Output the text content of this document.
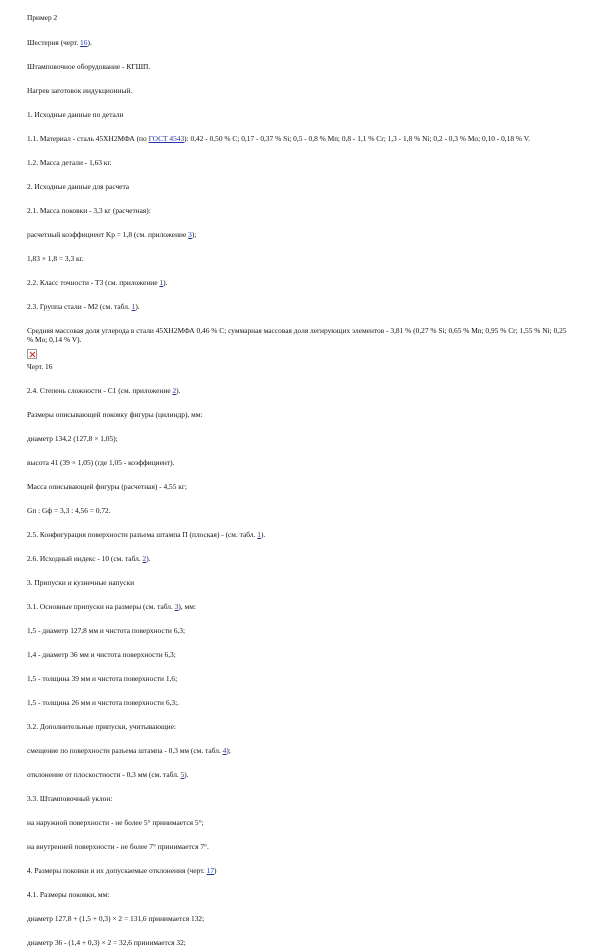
Пример 2

Шестерня (черт. 16).

Штамповочное оборудование - КГШП.

Нагрев заготовок индукционный.

1. Исходные данные по детали

1.1. Материал - сталь 45ХН2МФА (по ГОСТ 4543): 0,42 - 0,50 % С; 0,17 - 0,37 % Si; 0,5 - 0,8 % Mn; 0,8 - 1,1 % Cr; 1,3 - 1,8 % Ni; 0,2 - 0,3 % Mo; 0,10 - 0,18 % V.

1.2. Масса детали - 1,63 кг.

2. Исходные данные для расчета

2.1. Масса поковки - 3,3 кг (расчетная):

расчетный коэффициент Kр = 1,8 (см. приложение 3);

1,83 × 1,8 = 3,3 кг.

2.2. Класс точности - Т3 (см. приложение 1).

2.3. Группа стали - М2 (см. табл. 1).

Средняя массовая доля углерода в стали 45ХН2МФА 0,46 % С; суммарная массовая доля легирующих элементов - 3,81 % (0,27 % Si; 0,65 % Mn; 0,95 % Cr; 1,55 % Ni; 0,25 % Mo; 0,14 % V).

Черт. 16

2.4. Степень сложности - С1 (см. приложение 2).

Размеры описывающей поковку фигуры (цилиндр), мм:

диаметр 134,2 (127,8 × 1,05);

высота 41 (39 × 1,05) (где 1,05 - коэффициент).

Масса описывающей фигуры (расчетная) - 4,55 кг;

Gп : Gф = 3,3 : 4,56 = 0,72.

2.5. Конфигурация поверхности разъема штампа П (плоская) - (см. табл. 1).

2.6. Исходный индекс - 10 (см. табл. 2).

3. Припуски и кузнечные напуски

3.1. Основные припуски на размеры (см. табл. 3), мм:

1,5 - диаметр 127,8 мм и чистота поверхности 6,3;

1,4 - диаметр 36 мм и чистота поверхности 6,3;

1,5 - толщина 39 мм и чистота поверхности 1,6;

1,5 - толщина 26 мм и чистота поверхности 6,3;.

3.2. Дополнительные припуски, учитывающие:

смещение по поверхности разъема штампа - 0,3 мм (см. табл. 4);

отклонение от плоскостности - 0,3 мм (см. табл. 5).

3.3. Штамповочный уклон:

на наружной поверхности - не более 5° принимается 5°;

на внутренней поверхности - не более 7° принимается 7°.

4. Размеры поковки и их допускаемые отклонения (черт. 17)

4.1. Размеры поковки, мм:

диаметр 127,8 + (1,5 + 0,3) × 2 = 131,6 принимается 132;

диаметр 36 - (1,4 + 0,3) × 2 = 32,6 принимается 32;
